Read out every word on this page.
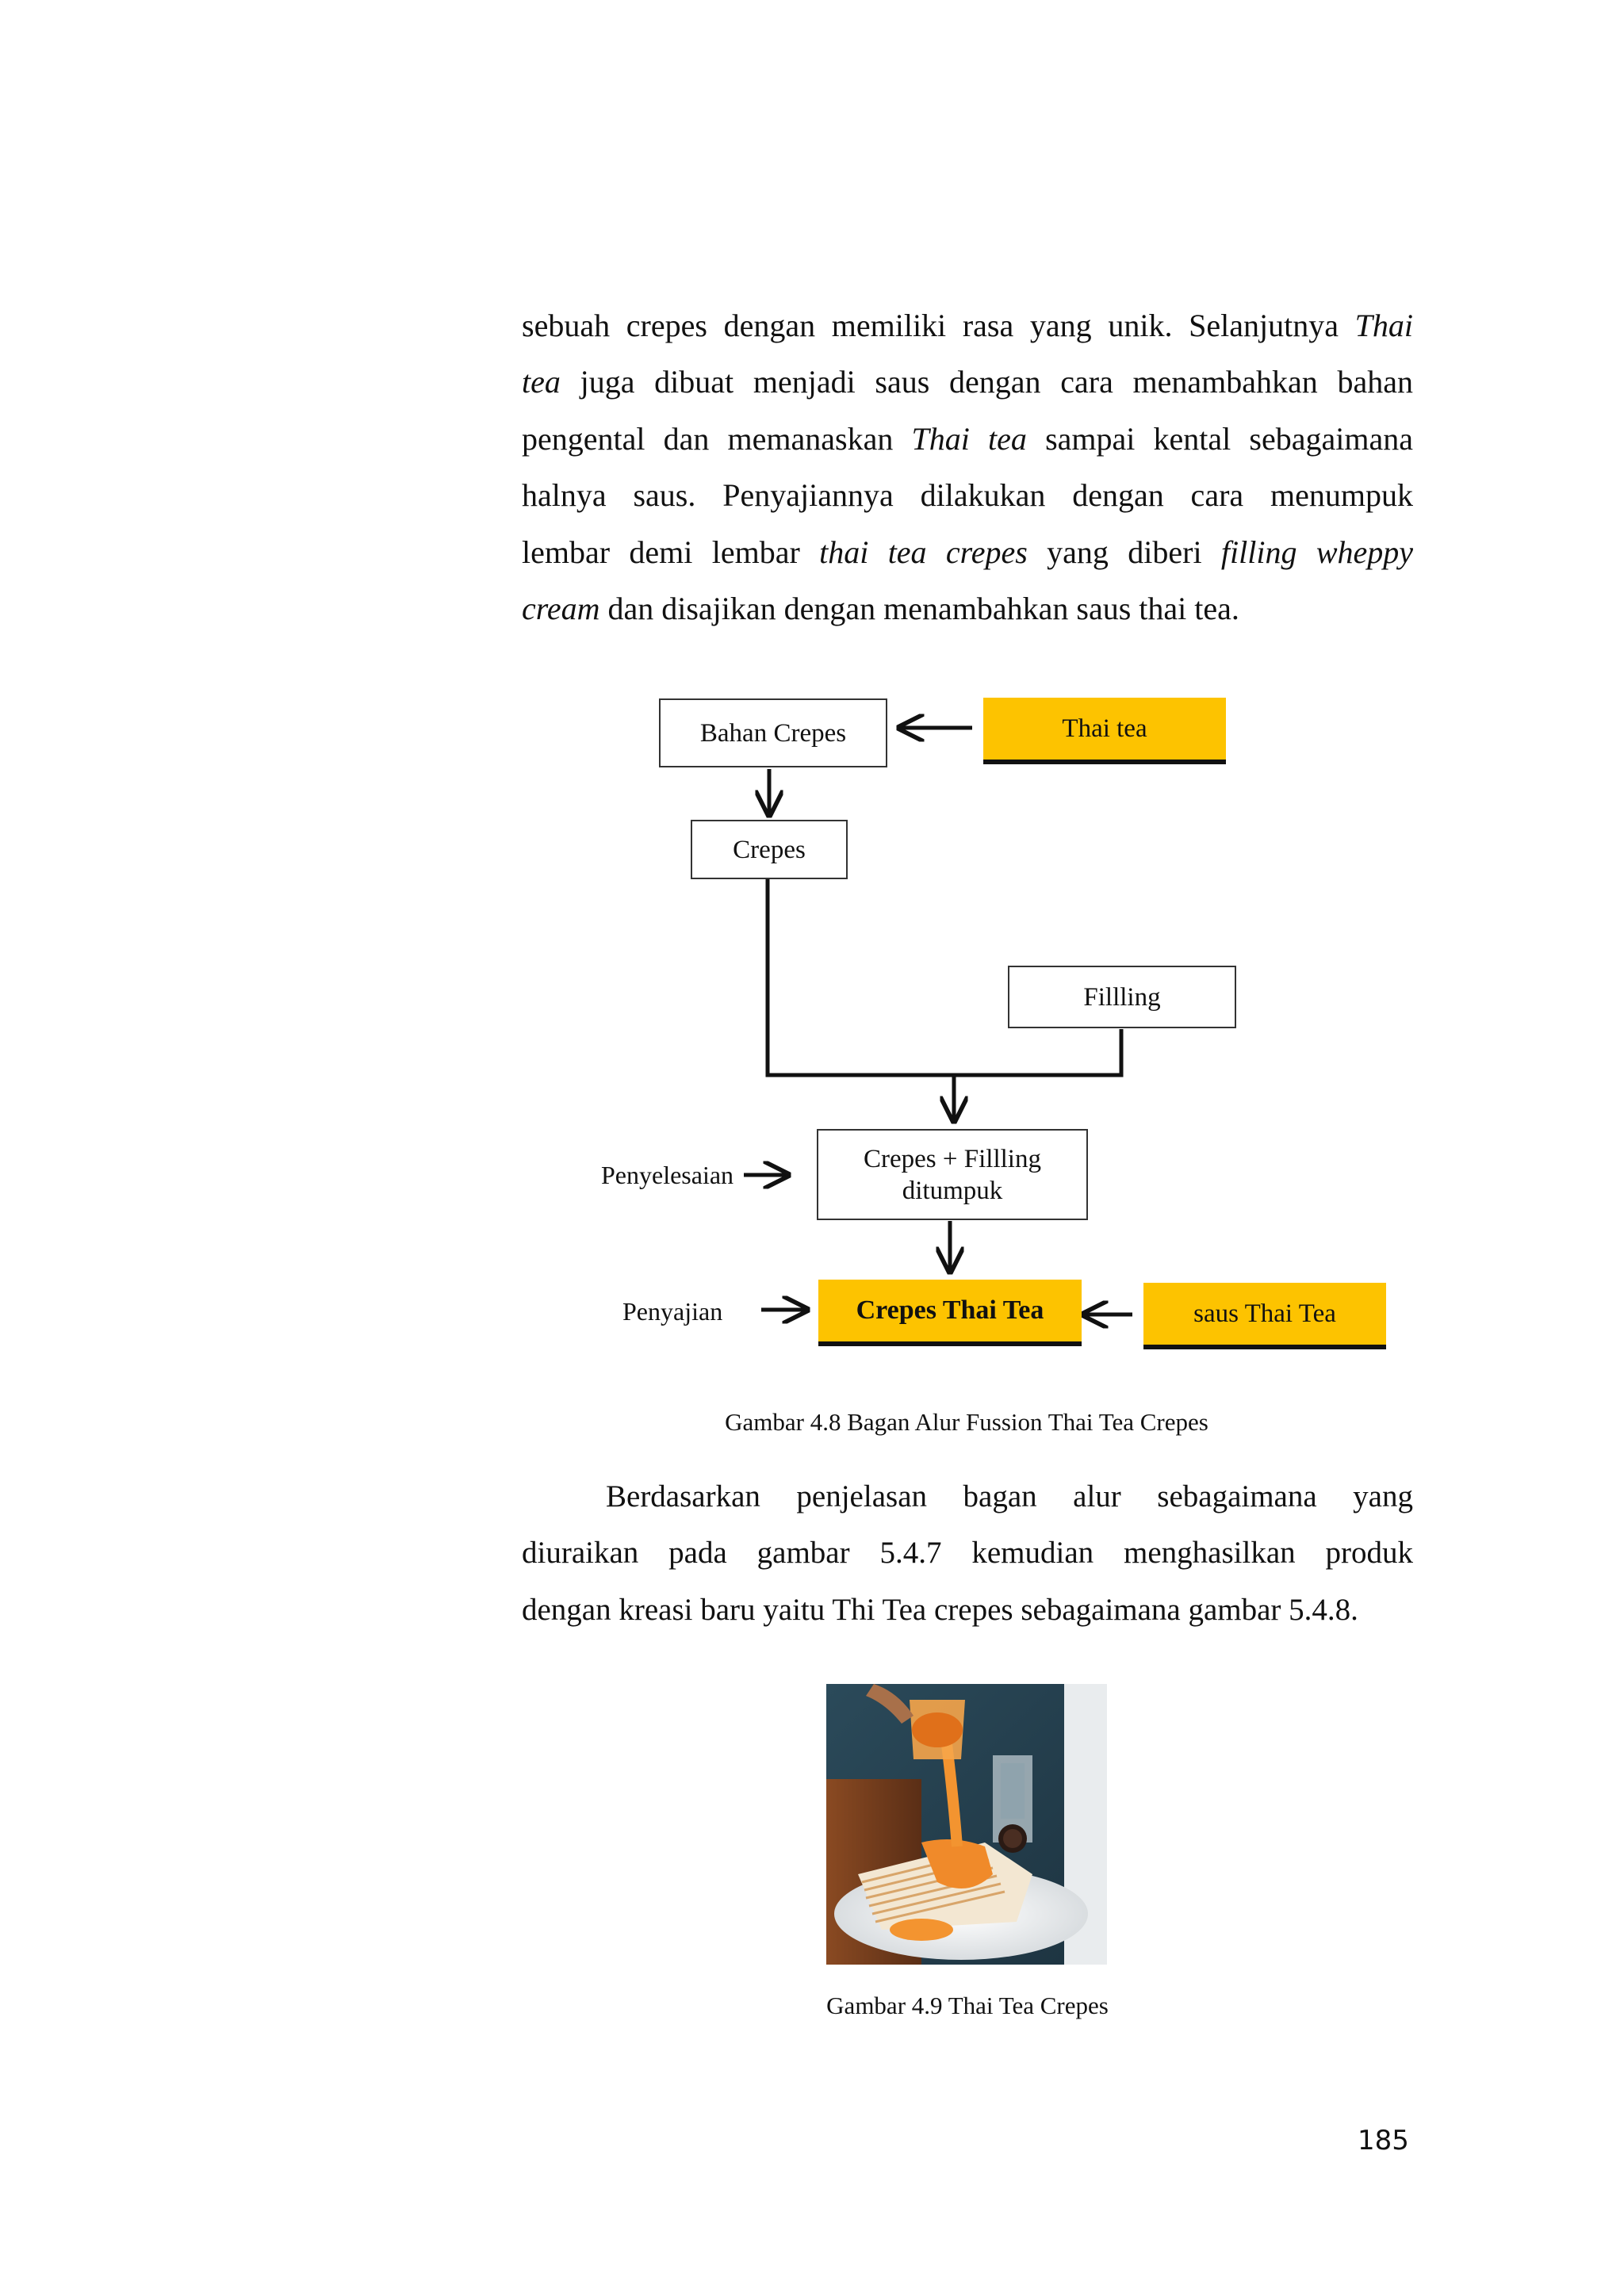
sebuah crepes dengan memiliki rasa yang unik. Selanjutnya Thai
tea juga dibuat menjadi saus dengan cara menambahkan bahan
pengental dan memanaskan Thai tea sampai kental sebagaimana
halnya saus. Penyajiannya dilakukan dengan cara menumpuk
lembar demi lembar thai tea crepes yang diberi filling wheppy
cream dan disajikan dengan menambahkan saus thai tea.
Bahan Crepes	Thai tea
Crepes
Fillling
Crepes + Fillling
ditumpuk
Crepes Thai Tea	saus Thai Tea
Penyelesaian
Penyajian
Gambar 4.8 Bagan Alur Fussion Thai Tea Crepes
Berdasarkan penjelasan bagan alur sebagaimana yang
diuraikan pada gambar 5.4.7 kemudian menghasilkan produk
dengan kreasi baru yaitu Thi Tea crepes sebagaimana gambar 5.4.8.
Gambar 4.9 Thai Tea Crepes
185
